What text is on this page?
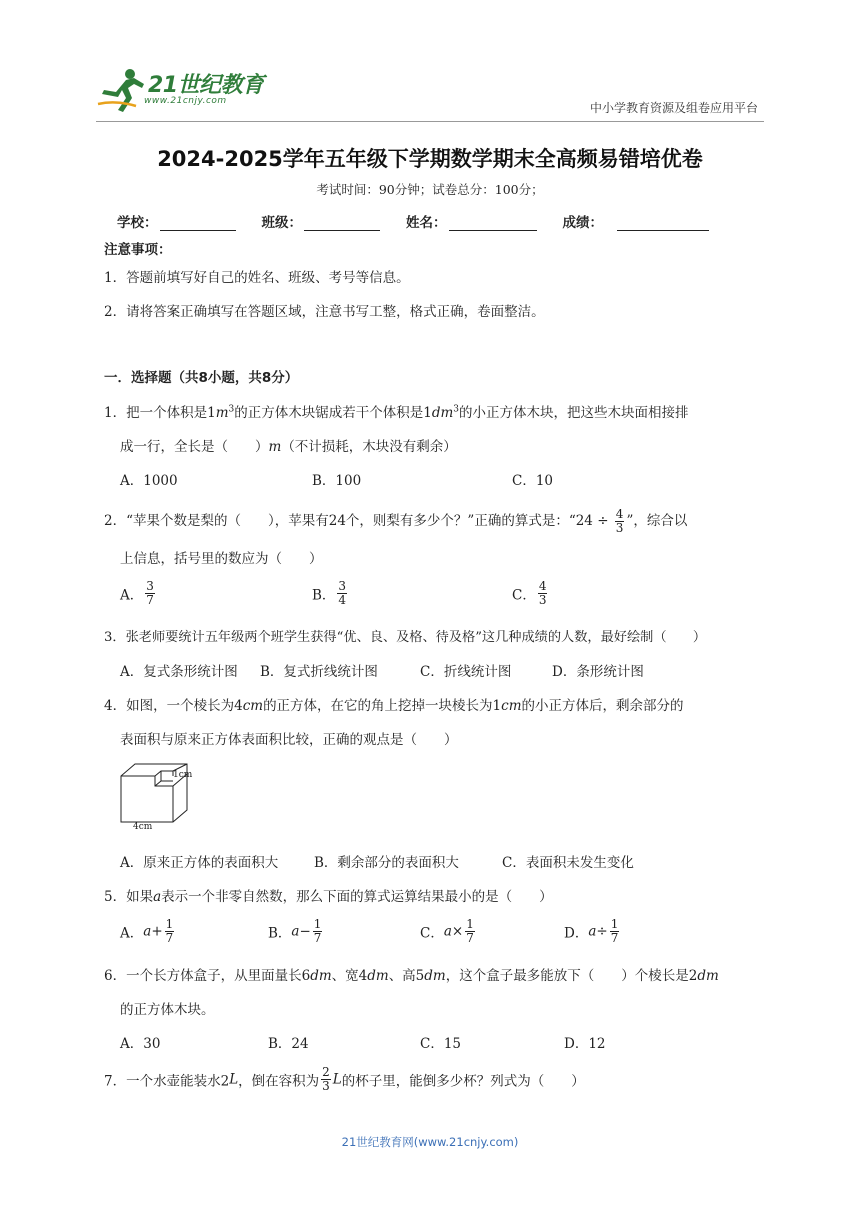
21世纪教育
www.21cnjy.com	中小学教育资源及组卷应用平台
2024-2025学年五年级下学期数学期末全高频易错培优卷
考试时间：90分钟；试卷总分：100分；
学校：	班级：	姓名：	成绩：
注意事项：
1．答题前填写好自己的姓名、班级、考号等信息。
2．请将答案正确填写在答题区域，注意书写工整，格式正确，卷面整洁。
一．选择题（共8小题，共8分）
1．把一个体积是$1m^3$的正方体木块锯成若干个体积是$1dm^3$的小正方体木块，把这些木块面相接排
成一行，全长是（　　）m（不计损耗，木块没有剩余）
A．1000	B．100	C．10
2．“苹果个数是梨的（　　），苹果有24个，则梨有多少个？”正确的算式是：“$24 \div \frac{4}{3}$ ”，综合以
上信息，括号里的数应为（　　）
A． $\frac{3}{7}$	B． $\frac{3}{4}$	C． $\frac{4}{3}$
3．张老师要统计五年级两个班学生获得“优、良、及格、待及格”这几种成绩的人数，最好绘制（　　）
A．复式条形统计图 B．复式折线统计图	C．折线统计图	D．条形统计图
4．如图，一个棱长为4cm的正方体，在它的角上挖掉一块棱长为1cm的小正方体后，剩余部分的
表面积与原来正方体表面积比较，正确的观点是（　　）
1cm
4cm
A．原来正方体的表面积大	B．剩余部分的表面积大	C．表面积未发生变化
5．如果a表示一个非零自然数，那么下面的算式运算结果最小的是（　　）
A．$a+ \frac{1}{7}$	B．$a- \frac{1}{7}$	C．$a\times \frac{1}{7}$	D．$a\div \frac{1}{7}$
6．一个长方体盒子，从里面量长6dm、宽4dm、高5dm，这个盒子最多能放下（　　）个棱长是2dm
的正方体木块。
A．30	B．24	C．15	D．12
7．一个水壶能装水2L，倒在容积为 $\frac{2}{3}$ L的杯子里，能倒多少杯？列式为（　　）
21世纪教育网(www.21cnjy.com)
